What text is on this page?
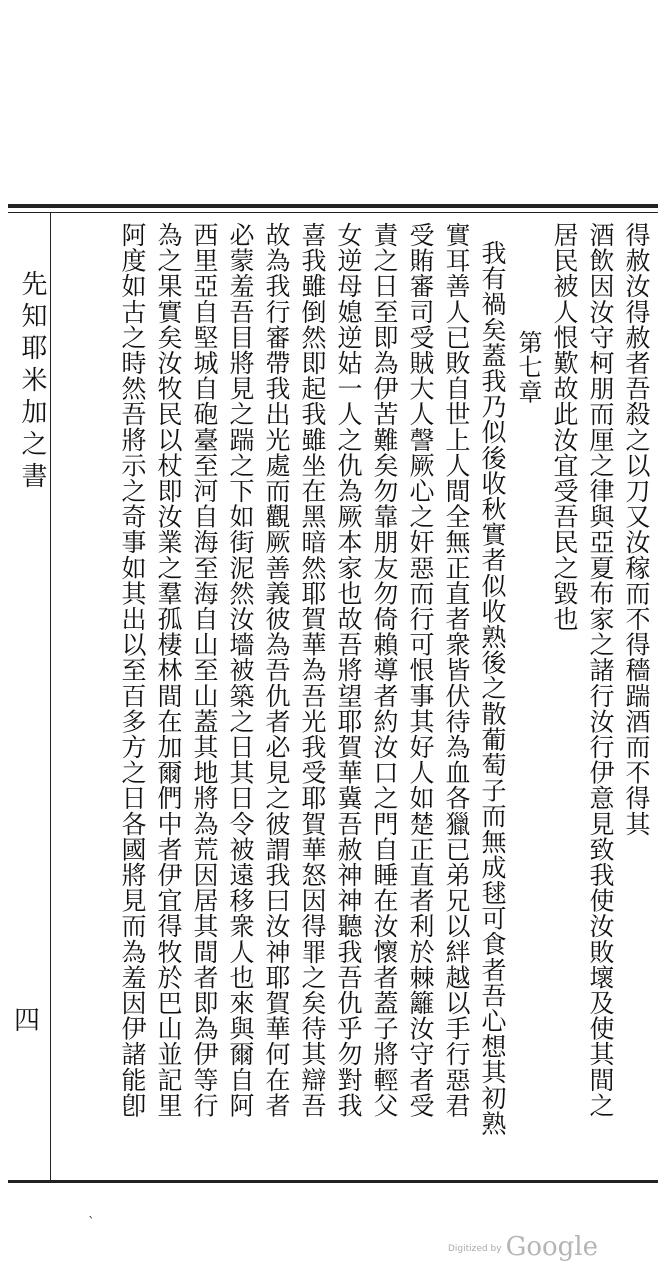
先知耶米加之書
四
得赦汝得赦者吾殺之以刀又汝稼而不得穡踹酒而不得其
酒飲因汝守柯朋而厘之律與亞夏布家之諸行汝行伊意見致我使汝敗壞及使其間之
居民被人恨歎故此汝宜受吾民之毀也
第七章
我有禍矣蓋我乃似後收秋實者似收熟後之散葡萄子而無成毬可食者吾心想其初熟
實耳善人已敗自世上人間全無正直者衆皆伏待為血各獵已弟兄以絆越以手行惡君
受賄審司受賊大人謦厥心之奸惡而行可恨事其好人如楚正直者利於棘籬汝守者受
責之日至即為伊苦難矣勿靠朋友勿倚賴導者約汝口之門自睡在汝懷者蓋子將輕父
女逆母媳逆姑一人之仇為厥本家也故吾將望耶賀華冀吾赦神神聽我吾仇乎勿對我
喜我雖倒然即起我雖坐在黑暗然耶賀華為吾光我受耶賀華怒因得罪之矣待其辯吾
故為我行審帶我出光處而觀厥善義彼為吾仇者必見之彼謂我曰汝神耶賀華何在者
必蒙羞吾目將見之踹之下如街泥然汝墻被築之日其日令被遠移衆人也來與爾自阿
西里亞自堅城自砲臺至河自海至海自山至山蓋其地將為荒因居其間者即為伊等行
為之果實矣汝牧民以杖即汝業之羣孤棲林間在加爾們中者伊宜得牧於巴山並記里
阿度如古之時然吾將示之奇事如其出以至百多方之日各國將見而為羞因伊諸能卽
ˋ
Digitized by Google
